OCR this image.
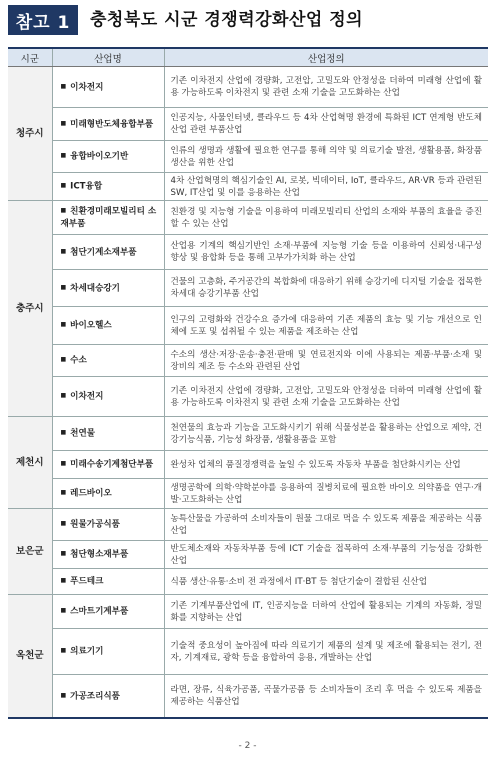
참고 1	충청북도 시군 경쟁력강화산업 정의
시군	산업명	산업정의
청주시	■ 이차전지	기존 이차전지 산업에 경량화, 고전압, 고밀도와 안정성을 더하여 미래형 산업에 활용 가능하도록 이차전지 및 관련 소재 기술을 고도화하는 산업
	■ 미래형반도체융합부품	인공지능, 사물인터넷, 클라우드 등 4차 산업혁명 환경에 특화된 ICT 연계형 반도체산업 관련 부품산업
	■ 융합바이오기반	인류의 생명과 생활에 필요한 연구를 통해 의약 및 의료기술 발전, 생활용품, 화장품 생산을 위한 산업
	■ ICT융합	4차 산업혁명의 핵심기술인 AI, 로봇, 빅데이터, IoT, 클라우드, AR·VR 등과 관련된 SW, IT산업 및 이를 응용하는 산업
충주시	■ 친환경미래모빌리티 소재부품	친환경 및 지능형 기술을 이용하여 미래모빌리티 산업의 소재와 부품의 효율을 증진할 수 있는 산업
	■ 첨단기계소재부품	산업용 기계의 핵심기반인 소재·부품에 지능형 기술 등을 이용하여 신뢰성·내구성 향상 및 융합화 등을 통해 고부가가치화 하는 산업
	■ 차세대승강기	건물의 고층화, 주거공간의 복합화에 대응하기 위해 승강기에 디지털 기술을 접목한 차세대 승강기부품 산업
	■ 바이오헬스	인구의 고령화와 건강수요 증가에 대응하여 기존 제품의 효능 및 기능 개선으로 인체에 도포 및 섭취될 수 있는 제품을 제조하는 산업
	■ 수소	수소의 생산·저장·운송·충전·판매 및 연료전지와 이에 사용되는 제품·부품·소재 및 장비의 제조 등 수소와 관련된 산업
	■ 이차전지	기존 이차전지 산업에 경량화, 고전압, 고밀도와 안정성을 더하여 미래형 산업에 활용 가능하도록 이차전지 및 관련 소재 기술을 고도화하는 산업
제천시	■ 천연물	천연물의 효능과 기능을 고도화시키기 위해 식물성분을 활용하는 산업으로 제약, 건강기능식품, 기능성 화장품, 생활용품을 포함
	■ 미래수송기계첨단부품	완성차 업체의 품질경쟁력을 높일 수 있도록 자동차 부품을 첨단화시키는 산업
	■ 레드바이오	생명공학에 의학·약학분야를 응용하여 질병치료에 필요한 바이오 의약품을 연구·개발·고도화하는 산업
보은군	■ 원물가공식품	농특산물을 가공하여 소비자들이 원물 그대로 먹을 수 있도록 제품을 제공하는 식품산업
	■ 첨단형소재부품	반도체소재와 자동차부품 등에 ICT 기술을 접목하여 소재·부품의 기능성을 강화한 산업
	■ 푸드테크	식품 생산·유통·소비 전 과정에서 IT·BT 등 첨단기술이 결합된 신산업
옥천군	■ 스마트기계부품	기존 기계부품산업에 IT, 인공지능을 더하여 산업에 활용되는 기계의 자동화, 정밀화를 지향하는 산업
	■ 의료기기	기술적 중요성이 높아짐에 따라 의료기기 제품의 설계 및 제조에 활용되는 전기, 전자, 기계재료, 광학 등을 융합하여 응용, 개발하는 산업
	■ 가공조리식품	라면, 장류, 식육가공품, 곡물가공품 등 소비자들이 조리 후 먹을 수 있도록 제품을 제공하는 식품산업
- 2 -
